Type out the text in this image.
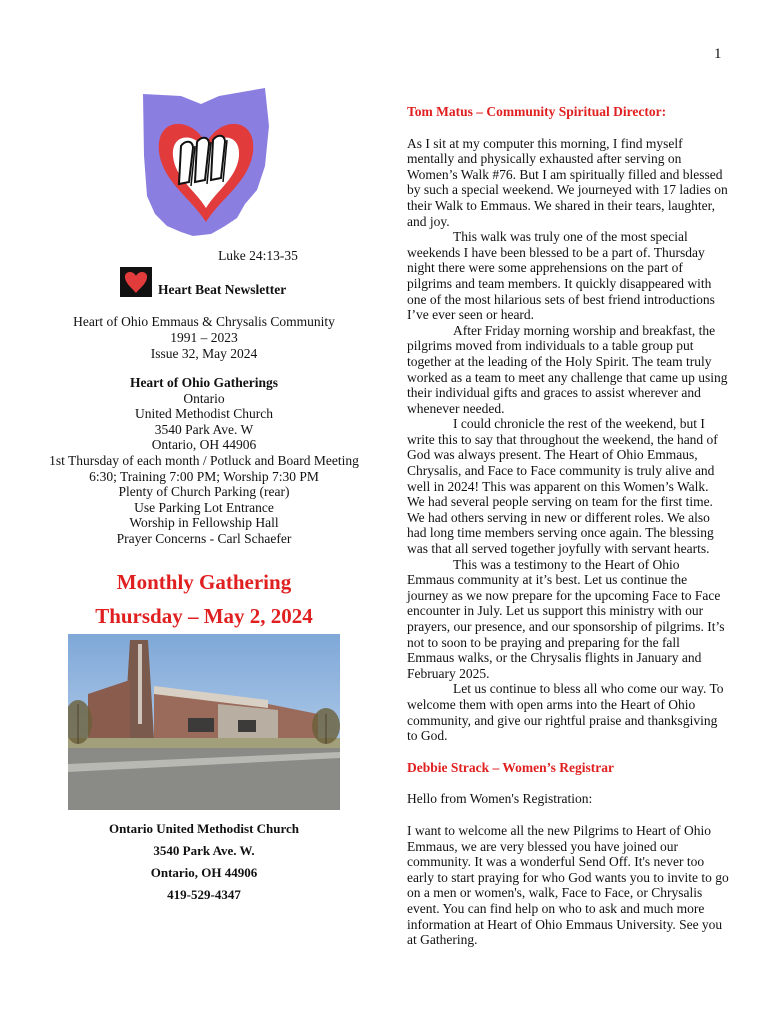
1
Luke 24:13-35
Heart Beat Newsletter
Heart of Ohio Emmaus & Chrysalis Community
1991 – 2023
Issue 32, May 2024
Heart of Ohio Gatherings
Ontario
United Methodist Church
3540 Park Ave. W
Ontario, OH 44906
1st Thursday of each month / Potluck and Board Meeting
6:30; Training 7:00 PM; Worship 7:30 PM
Plenty of Church Parking (rear)
Use Parking Lot Entrance
Worship in Fellowship Hall
Prayer Concerns - Carl Schaefer
Monthly Gathering
Thursday – May 2, 2024
Ontario United Methodist Church
3540 Park Ave. W.
Ontario, OH 44906
419-529-4347
Tom Matus – Community Spiritual Director:

As I sit at my computer this morning, I find myself mentally and physically exhausted after serving on Women’s Walk #76. But I am spiritually filled and blessed by such a special weekend. We journeyed with 17 ladies on their Walk to Emmaus. We shared in their tears, laughter, and joy.

This walk was truly one of the most special weekends I have been blessed to be a part of. Thursday night there were some apprehensions on the part of pilgrims and team members. It quickly disappeared with one of the most hilarious sets of best friend introductions I’ve ever seen or heard.

After Friday morning worship and breakfast, the pilgrims moved from individuals to a table group put together at the leading of the Holy Spirit. The team truly worked as a team to meet any challenge that came up using their individual gifts and graces to assist wherever and whenever needed.

I could chronicle the rest of the weekend, but I write this to say that throughout the weekend, the hand of God was always present. The Heart of Ohio Emmaus, Chrysalis, and Face to Face community is truly alive and well in 2024! This was apparent on this Women’s Walk. We had several people serving on team for the first time. We had others serving in new or different roles. We also had long time members serving once again. The blessing was that all served together joyfully with servant hearts.

This was a testimony to the Heart of Ohio Emmaus community at it’s best. Let us continue the journey as we now prepare for the upcoming Face to Face encounter in July. Let us support this ministry with our prayers, our presence, and our sponsorship of pilgrims. It’s not to soon to be praying and preparing for the fall Emmaus walks, or the Chrysalis flights in January and February 2025.

Let us continue to bless all who come our way. To welcome them with open arms into the Heart of Ohio community, and give our rightful praise and thanksgiving to God.

Debbie Strack – Women’s Registrar

Hello from Women's Registration:

I want to welcome all the new Pilgrims to Heart of Ohio Emmaus, we are very blessed you have joined our community. It was a wonderful Send Off. It's never too early to start praying for who God wants you to invite to go on a men or women's, walk, Face to Face, or Chrysalis event. You can find help on who to ask and much more information at Heart of Ohio Emmaus University. See you at Gathering.
